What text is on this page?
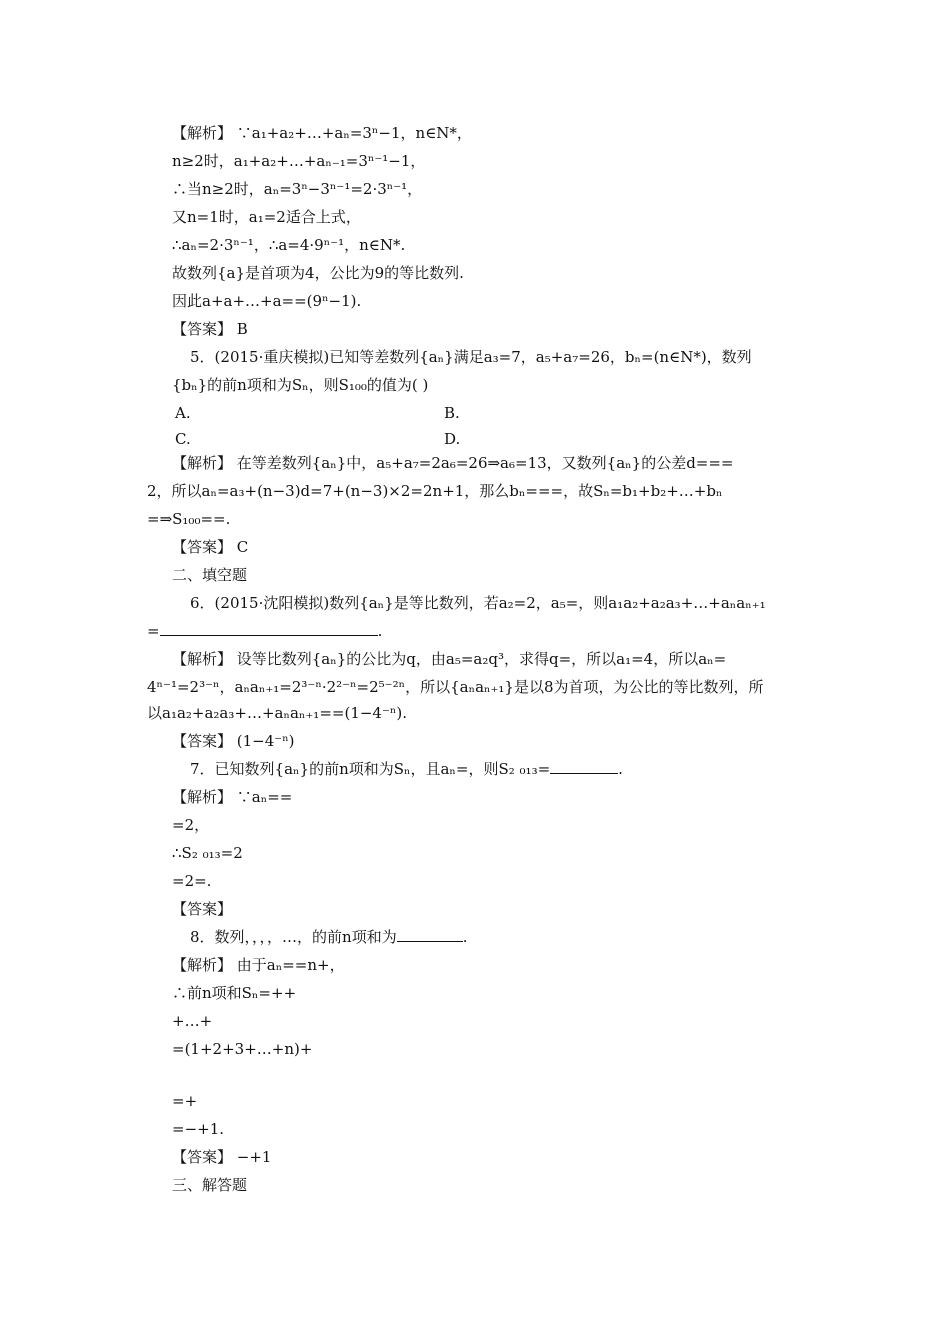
【解析】 ∵a₁+a₂+…+aₙ=3ⁿ−1，n∈N*，
n≥2时，a₁+a₂+…+aₙ₋₁=3ⁿ⁻¹−1，
∴当n≥2时，aₙ=3ⁿ−3ⁿ⁻¹=2·3ⁿ⁻¹，
又n=1时，a₁=2适合上式，
∴aₙ=2·3ⁿ⁻¹，∴a=4·9ⁿ⁻¹，n∈N*.
故数列{a}是首项为4，公比为9的等比数列.
因此a+a+…+a==(9ⁿ−1).
【答案】 B
5．(2015·重庆模拟)已知等差数列{aₙ}满足a₃=7，a₅+a₇=26，bₙ=(n∈N*)，数列
{bₙ}的前n项和为Sₙ，则S₁₀₀的值为( )
A.	B.
C.	D.
【解析】 在等差数列{aₙ}中，a₅+a₇=2a₆=26⇒a₆=13，又数列{aₙ}的公差d===
2，所以aₙ=a₃+(n−3)d=7+(n−3)×2=2n+1，那么bₙ===，故Sₙ=b₁+b₂+…+bₙ
=⇒S₁₀₀==.
【答案】 C
二、填空题
6．(2015·沈阳模拟)数列{aₙ}是等比数列，若a₂=2，a₅=，则a₁a₂+a₂a₃+…+aₙaₙ₊₁
=	.
【解析】 设等比数列{aₙ}的公比为q，由a₅=a₂q³，求得q=，所以a₁=4，所以aₙ=
4ⁿ⁻¹=2³⁻ⁿ，aₙaₙ₊₁=2³⁻ⁿ·2²⁻ⁿ=2⁵⁻²ⁿ，所以{aₙaₙ₊₁}是以8为首项，为公比的等比数列，所
以a₁a₂+a₂a₃+…+aₙaₙ₊₁==(1−4⁻ⁿ).
【答案】 (1−4⁻ⁿ)
7．已知数列{aₙ}的前n项和为Sₙ，且aₙ=，则S₂ ₀₁₃=	.
【解析】 ∵aₙ==
=2，
∴S₂ ₀₁₃=2
=2=.
【答案】
8．数列，，，，…，的前n项和为	.
【解析】 由于aₙ==n+，
∴前n项和Sₙ=++
+…+
=(1+2+3+…+n)+
=+
=−+1.
【答案】 −+1
三、解答题
